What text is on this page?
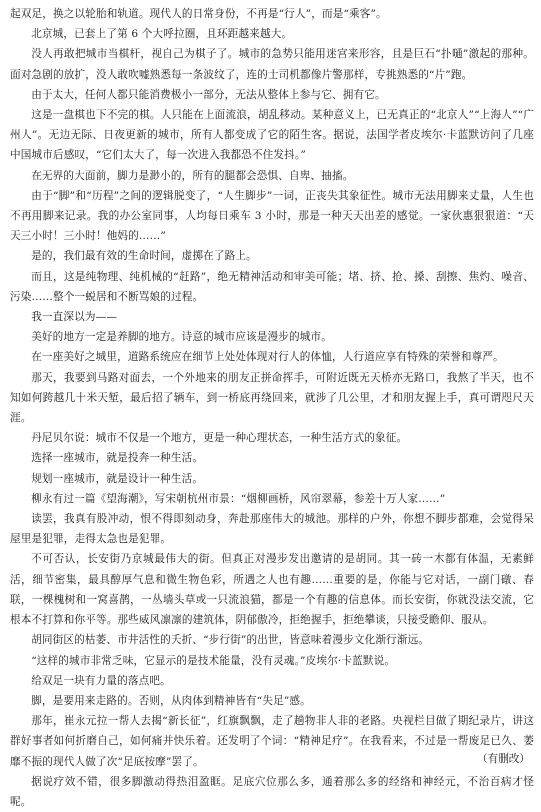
起双足，换之以轮胎和轨道。现代人的日常身份，不再是“行人”，而是“乘客”。

北京城，已套上了第 6 个大呼拉圈，且环距越来越大。

没人再敢把城市当棋杆，视自己为棋子了。城市的急势只能用迷宫来形容，且是巨石“扑嗵”激起的那种。面对急剧的放扩，没人敢吹嘘熟悉每一条波纹了，连的士司机都像片警那样，专挑熟悉的“片”跑。

由于太大，任何人都只能消费极小一部分，无法从整体上参与它、拥有它。

这是一盘棋也下不完的棋。人只能在上面流浪，胡乱移动。某种意义上，已无真正的“北京人”“上海人”“广州人”。无边无际、日夜更新的城市，所有人都变成了它的陌生客。据说，法国学者皮埃尔·卡蓝默访问了几座中国城市后感叹，“它们太大了，每一次进入我都恐不住发抖。”

在无界的大面前，脚力是渺小的，所有的腿都会恐惧、自卑、抽搐。

由于“脚”和“历程”之间的逻辑脱变了，“人生脚步”一词，正丧失其象征性。城市无法用脚来丈量，人生也不再用脚来记录。我的办公室同事，人均每日乘车 3 小时，那是一种天天出差的感觉。一家伙惠狠狠道：“天天三小时！三小时！他妈的……”

是的，我们最有效的生命时间，虚掷在了路上。

而且，这是纯物理、纯机械的“赶路”，绝无精神活动和审美可能；堵、挤、抢、搡、刮擦、焦灼、噪音、污染……整个一蜕居和不断骂娘的过程。

我一直深以为——

美好的地方一定是养脚的地方。诗意的城市应该是漫步的城市。

在一座美好之城里，道路系统应在细节上处处体现对行人的体恤，人行道应享有特殊的荣誉和尊严。

那天，我要到马路对面去，一个外地来的朋友正拼命挥手，可附近既无天桥亦无路口，我熬了半天，也不知如何跨越几十米天堑，最后招了辆车，到一桥底再绕回来，就涉了几公里，才和朋友握上手，真可谓咫尺天涯。

丹尼贝尔说：城市不仅是一个地方，更是一种心理状态，一种生活方式的象征。

选择一座城市，就是投奔一种生活。

规划一座城市，就是设计一种生活。

柳永有过一篇《望海潮》，写宋朝杭州市景：“烟柳画桥，风帘翠幕，参差十万人家……”

读罢，我真有股冲动，恨不得即刻动身，奔赴那座伟大的城池。那样的户外，你想不脚步都难，会觉得呆屋里是犯罪，走得太急也是犯罪。

不可否认，长安街乃京城最伟大的街。但真正对漫步发出邀请的是胡同。其一砖一木都有体温，无素鲜活，细节密集，最具醇厚气息和微生物色彩，所遇之人也有趣……重要的是，你能与它对话，一副门礅、春联，一棵槐树和一窝喜鹊，一丛墙头草或一只流浪猫，都是一个有趣的信息体。而长安街，你就没法交流，它根本不打算和你平等。那些威风凛凛的建筑体，阴郁傲冷，拒绝握手，拒绝攀谈，只接受瞻仰、服从。

胡同街区的枯萎、市井活性的夭折、“步行街”的出世，皆意味着漫步文化渐行渐远。

“这样的城市非常乏味，它显示的是技术能量，没有灵魂。”皮埃尔·卡蓝默说。

给双足一块有力量的落点吧。

脚，是要用来走路的。否则，从肉体到精神皆有“失足”感。

那年，崔永元拉一帮人去揭“新长征”，红旗飘飘，走了趟物非人非的老路。央视栏目做了期纪录片，讲这群好事者如何折磨自己，如何痛并快乐着。还发明了个词：“精神足疗”。在我看来，不过是一帮废足已久、萎靡不振的现代人做了次“足底按摩”罢了。

据说疗效不错，很多脚激动得热泪盈眶。足底穴位那么多，通着那么多的经络和神经元，不治百病才怪呢。

（有删改）
